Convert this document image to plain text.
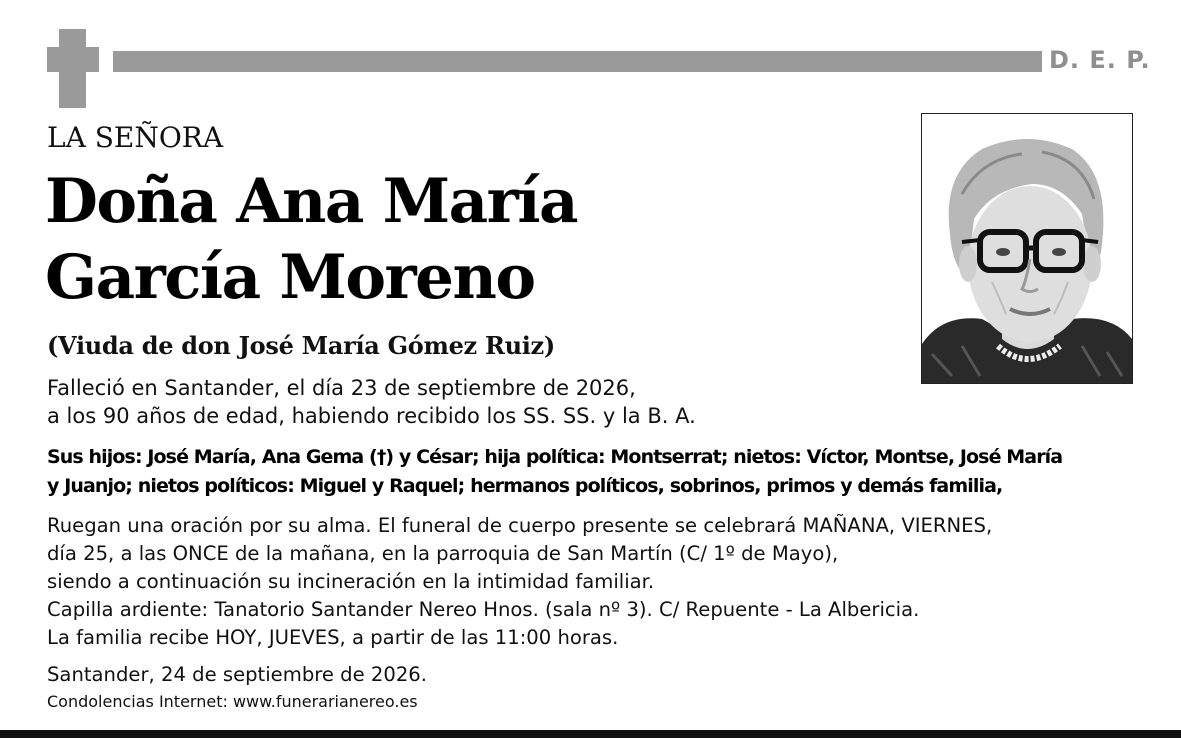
D. E. P.
LA SEÑORA
Doña Ana María
García Moreno
(Viuda de don José María Gómez Ruiz)
Falleció en Santander, el día 23 de septiembre de 2026,
a los 90 años de edad, habiendo recibido los SS. SS. y la B. A.
Sus hijos: José María, Ana Gema (†) y César; hija política: Montserrat; nietos: Víctor, Montse, José María
y Juanjo; nietos políticos: Miguel y Raquel; hermanos políticos, sobrinos, primos y demás familia,
Ruegan una oración por su alma. El funeral de cuerpo presente se celebrará MAÑANA, VIERNES,
día 25, a las ONCE de la mañana, en la parroquia de San Martín (C/ 1º de Mayo),
siendo a continuación su incineración en la intimidad familiar.
Capilla ardiente: Tanatorio Santander Nereo Hnos. (sala nº 3). C/ Repuente - La Albericia.
La familia recibe HOY, JUEVES, a partir de las 11:00 horas.
Santander, 24 de septiembre de 2026.
Condolencias Internet: www.funerarianereo.es
